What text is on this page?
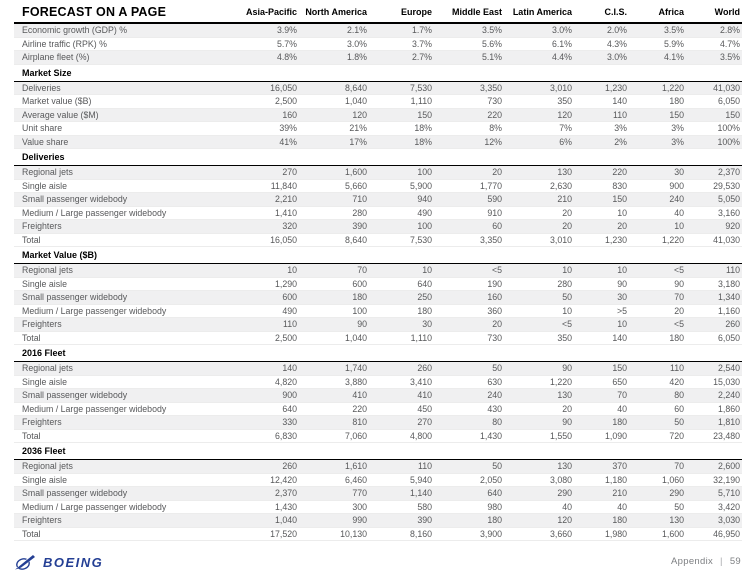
FORECAST ON A PAGE	Asia-Pacific	North America	Europe	Middle East	Latin America	C.I.S.	Africa	World
Economic growth (GDP) %	3.9%	2.1%	1.7%	3.5%	3.0%	2.0%	3.5%	2.8%
Airline traffic (RPK) %	5.7%	3.0%	3.7%	5.6%	6.1%	4.3%	5.9%	4.7%
Airplane fleet (%)	4.8%	1.8%	2.7%	5.1%	4.4%	3.0%	4.1%	3.5%
Market Size								
Deliveries	16,050	8,640	7,530	3,350	3,010	1,230	1,220	41,030
Market value ($B)	2,500	1,040	1,110	730	350	140	180	6,050
Average value ($M)	160	120	150	220	120	110	150	150
Unit share	39%	21%	18%	8%	7%	3%	3%	100%
Value share	41%	17%	18%	12%	6%	2%	3%	100%
Deliveries								
Regional jets	270	1,600	100	20	130	220	30	2,370
Single aisle	11,840	5,660	5,900	1,770	2,630	830	900	29,530
Small passenger widebody	2,210	710	940	590	210	150	240	5,050
Medium / Large passenger widebody	1,410	280	490	910	20	10	40	3,160
Freighters	320	390	100	60	20	20	10	920
Total	16,050	8,640	7,530	3,350	3,010	1,230	1,220	41,030
Market Value ($B)								
Regional jets	10	70	10	<5	10	10	<5	110
Single aisle	1,290	600	640	190	280	90	90	3,180
Small passenger widebody	600	180	250	160	50	30	70	1,340
Medium / Large passenger widebody	490	100	180	360	10	>5	20	1,160
Freighters	110	90	30	20	<5	10	<5	260
Total	2,500	1,040	1,110	730	350	140	180	6,050
2016 Fleet								
Regional jets	140	1,740	260	50	90	150	110	2,540
Single aisle	4,820	3,880	3,410	630	1,220	650	420	15,030
Small passenger widebody	900	410	410	240	130	70	80	2,240
Medium / Large passenger widebody	640	220	450	430	20	40	60	1,860
Freighters	330	810	270	80	90	180	50	1,810
Total	6,830	7,060	4,800	1,430	1,550	1,090	720	23,480
2036 Fleet								
Regional jets	260	1,610	110	50	130	370	70	2,600
Single aisle	12,420	6,460	5,940	2,050	3,080	1,180	1,060	32,190
Small passenger widebody	2,370	770	1,140	640	290	210	290	5,710
Medium / Large passenger widebody	1,430	300	580	980	40	40	50	3,420
Freighters	1,040	990	390	180	120	180	130	3,030
Total	17,520	10,130	8,160	3,900	3,660	1,980	1,600	46,950
BOEING	Appendix | 59
